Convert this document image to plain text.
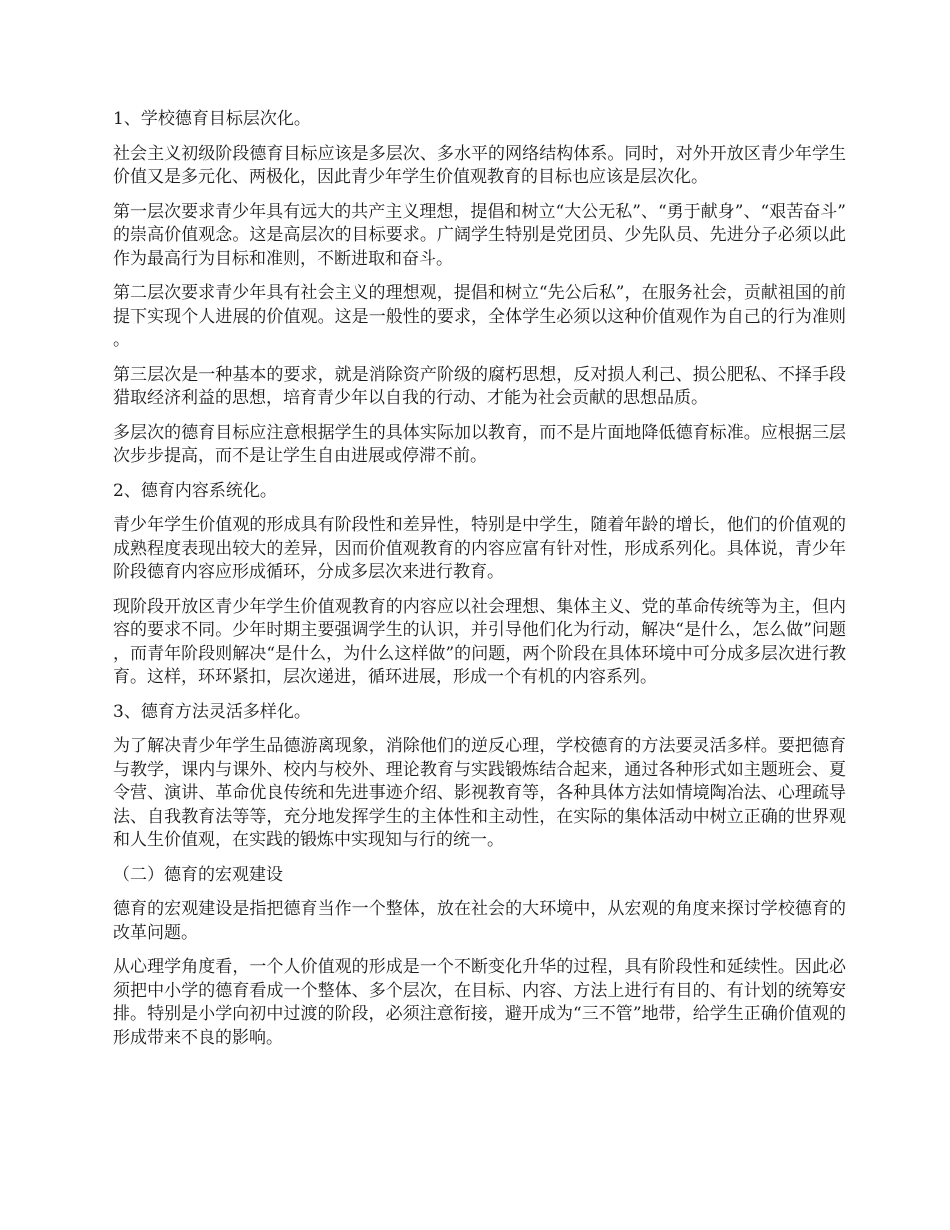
1、学校德育目标层次化。

社会主义初级阶段德育目标应该是多层次、多水平的网络结构体系。同时，对外开放区青少年学生价值又是多元化、两极化，因此青少年学生价值观教育的目标也应该是层次化。

第一层次要求青少年具有远大的共产主义理想，提倡和树立“大公无私”、“勇于献身”、“艰苦奋斗”的崇高价值观念。这是高层次的目标要求。广阔学生特别是党团员、少先队员、先进分子必须以此作为最高行为目标和准则，不断进取和奋斗。

第二层次要求青少年具有社会主义的理想观，提倡和树立“先公后私”，在服务社会，贡献祖国的前提下实现个人进展的价值观。这是一般性的要求，全体学生必须以这种价值观作为自己的行为准则。

第三层次是一种基本的要求，就是消除资产阶级的腐朽思想，反对损人利己、损公肥私、不择手段猎取经济利益的思想，培育青少年以自我的行动、才能为社会贡献的思想品质。

多层次的德育目标应注意根据学生的具体实际加以教育，而不是片面地降低德育标准。应根据三层次步步提高，而不是让学生自由进展或停滞不前。

2、德育内容系统化。

青少年学生价值观的形成具有阶段性和差异性，特别是中学生，随着年龄的增长，他们的价值观的成熟程度表现出较大的差异，因而价值观教育的内容应富有针对性，形成系列化。具体说，青少年阶段德育内容应形成循环，分成多层次来进行教育。

现阶段开放区青少年学生价值观教育的内容应以社会理想、集体主义、党的革命传统等为主，但内容的要求不同。少年时期主要强调学生的认识，并引导他们化为行动，解决“是什么，怎么做”问题，而青年阶段则解决“是什么，为什么这样做”的问题，两个阶段在具体环境中可分成多层次进行教育。这样，环环紧扣，层次递进，循环进展，形成一个有机的内容系列。

3、德育方法灵活多样化。

为了解决青少年学生品德游离现象，消除他们的逆反心理，学校德育的方法要灵活多样。要把德育与教学，课内与课外、校内与校外、理论教育与实践锻炼结合起来，通过各种形式如主题班会、夏令营、演讲、革命优良传统和先进事迹介绍、影视教育等，各种具体方法如情境陶冶法、心理疏导法、自我教育法等等，充分地发挥学生的主体性和主动性，在实际的集体活动中树立正确的世界观和人生价值观，在实践的锻炼中实现知与行的统一。

（二）德育的宏观建设

德育的宏观建设是指把德育当作一个整体，放在社会的大环境中，从宏观的角度来探讨学校德育的改革问题。

从心理学角度看，一个人价值观的形成是一个不断变化升华的过程，具有阶段性和延续性。因此必须把中小学的德育看成一个整体、多个层次，在目标、内容、方法上进行有目的、有计划的统筹安排。特别是小学向初中过渡的阶段，必须注意衔接，避开成为“三不管”地带，给学生正确价值观的形成带来不良的影响。
